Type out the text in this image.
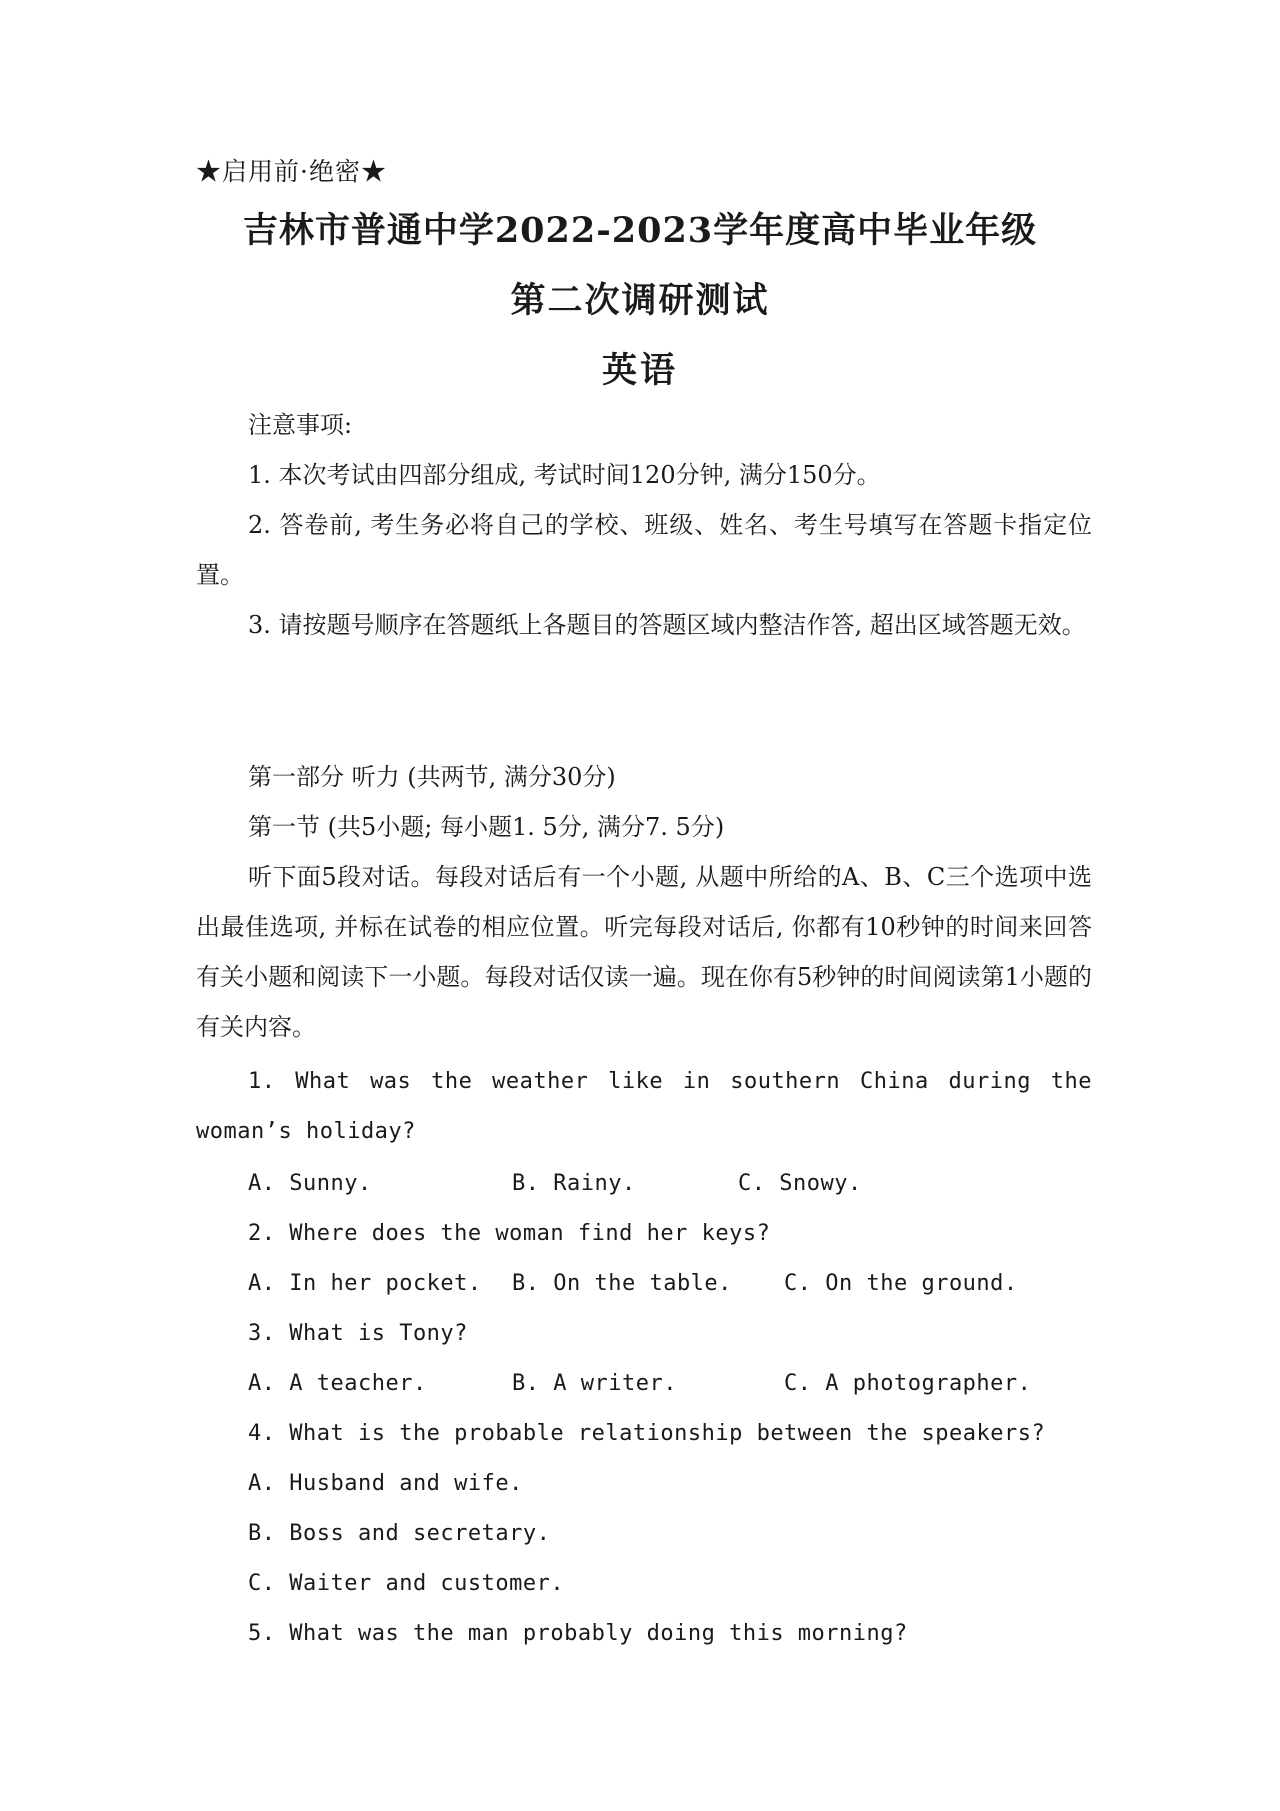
★启用前·绝密★
吉林市普通中学2022-2023学年度高中毕业年级
第二次调研测试
英语
注意事项:
1. 本次考试由四部分组成, 考试时间120分钟, 满分150分。
2. 答卷前, 考生务必将自己的学校、班级、姓名、考生号填写在答题卡指定位置。
3. 请按题号顺序在答题纸上各题目的答题区域内整洁作答, 超出区域答题无效。
第一部分 听力 (共两节, 满分30分)
第一节 (共5小题; 每小题1. 5分, 满分7. 5分)
听下面5段对话。每段对话后有一个小题, 从题中所给的A、B、C三个选项中选出最佳选项, 并标在试卷的相应位置。听完每段对话后, 你都有10秒钟的时间来回答有关小题和阅读下一小题。每段对话仅读一遍。现在你有5秒钟的时间阅读第1小题的有关内容。
1. What was the weather like in southern China during the woman’s holiday?
A. Sunny.	B. Rainy.	C. Snowy.
2. Where does the woman find her keys?
A. In her pocket. B. On the table. C. On the ground.
3. What is Tony?
A. A teacher.	B. A writer.	C. A photographer.
4. What is the probable relationship between the speakers?
A. Husband and wife.
B. Boss and secretary.
C. Waiter and customer.
5. What was the man probably doing this morning?
